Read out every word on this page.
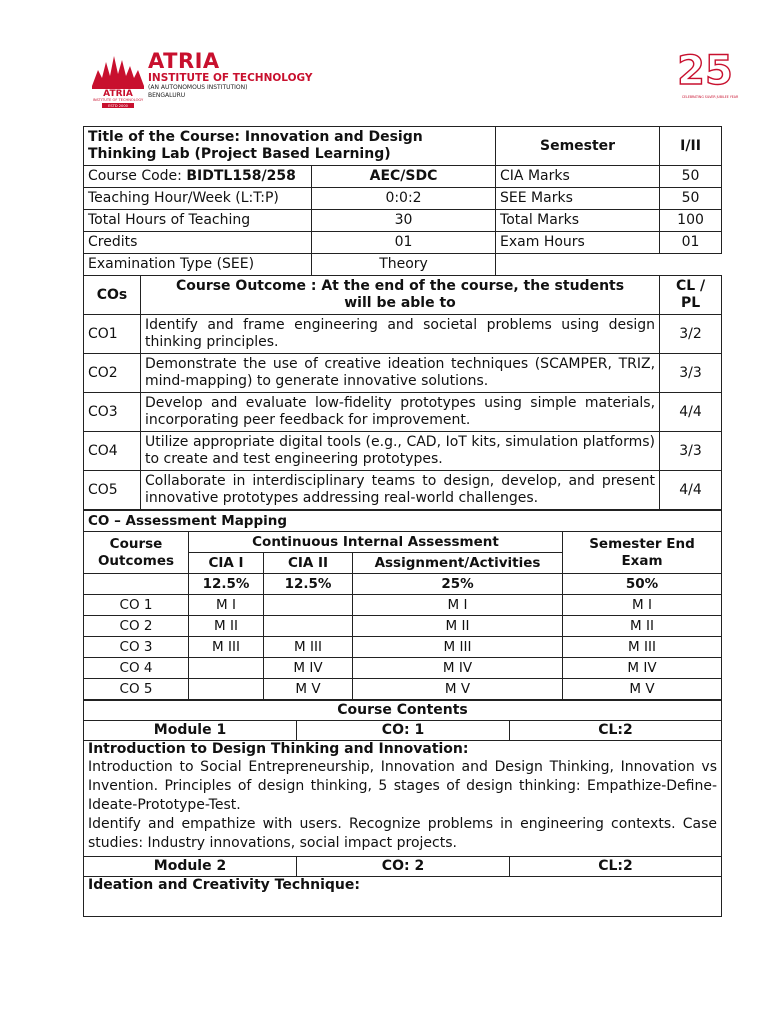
ATRIA
INSTITUTE OF TECHNOLOGY
ESTD 2000
ATRIA
INSTITUTE OF TECHNOLOGY
(AN AUTONOMOUS INSTITUTION)
BENGALURU
25
CELEBRATING SILVER JUBILEE YEAR
Title of the Course: Innovation and Design Thinking Lab (Project Based Learning)			Semester	I/II
Course Code: BIDTL158/258		AEC/SDC	CIA Marks	50
Teaching Hour/Week (L:T:P)		0:0:2	SEE Marks	50
Total Hours of Teaching		30	Total Marks	100
Credits		01	Exam Hours	01
Examination Type (SEE)		Theory		
COs	Course Outcome : At the end of the course, the students will be able to			CL / PL
CO1	Identify and frame engineering and societal problems using design thinking principles.			3/2
CO2	Demonstrate the use of creative ideation techniques (SCAMPER, TRIZ, mind-mapping) to generate innovative solutions.			3/3
CO3	Develop and evaluate low-fidelity prototypes using simple materials, incorporating peer feedback for improvement.			4/4
CO4	Utilize appropriate digital tools (e.g., CAD, IoT kits, simulation platforms) to create and test engineering prototypes.			3/3
CO5	Collaborate in interdisciplinary teams to design, develop, and present innovative prototypes addressing real-world challenges.			4/4
CO – Assessment Mapping				
Course Outcomes	Continuous Internal Assessment			Semester End Exam
	CIA I	CIA II	Assignment/Activities	
	12.5%	12.5%	25%	50%
CO 1	M I		M I	M I
CO 2	M II		M II	M II
CO 3	M III	M III	M III	M III
CO 4		M IV	M IV	M IV
CO 5		M V	M V	M V
Course Contents		
Module 1	CO: 1	CL:2

Introduction to Design Thinking and Innovation:
Introduction to Social Entrepreneurship, Innovation and Design Thinking, Innovation vs Invention. Principles of design thinking, 5 stages of design thinking: Empathize-Define-Ideate-Prototype-Test.
Identify and empathize with users. Recognize problems in engineering contexts. Case studies: Industry innovations, social impact projects.		

Module 2	CO: 2	CL:2

Ideation and Creativity Technique:		
